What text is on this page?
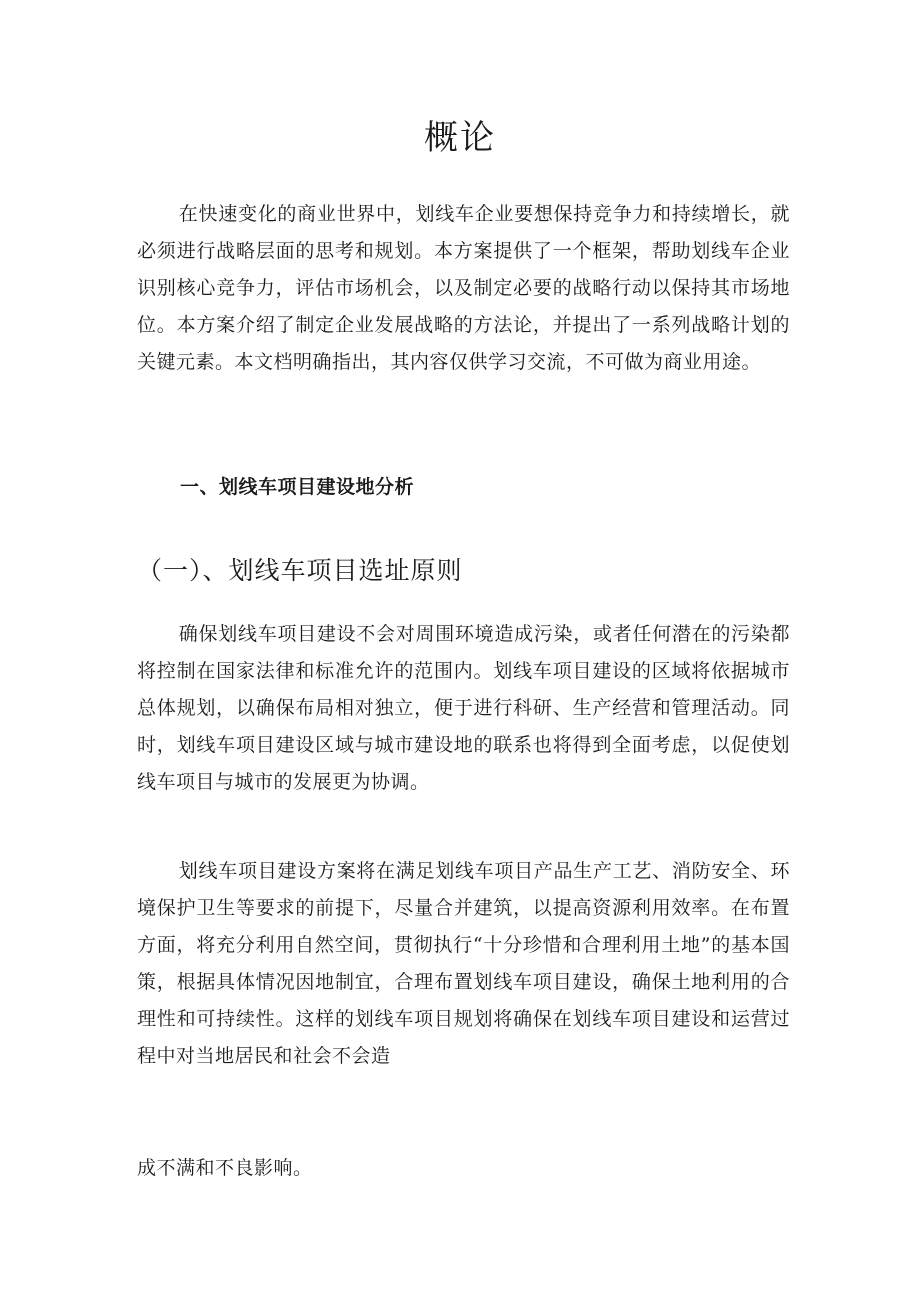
概论

在快速变化的商业世界中，划线车企业要想保持竞争力和持续增长，就必须进行战略层面的思考和规划。本方案提供了一个框架，帮助划线车企业识别核心竞争力，评估市场机会，以及制定必要的战略行动以保持其市场地位。本方案介绍了制定企业发展战略的方法论，并提出了一系列战略计划的关键元素。本文档明确指出，其内容仅供学习交流，不可做为商业用途。

一、划线车项目建设地分析
（一）、划线车项目选址原则

确保划线车项目建设不会对周围环境造成污染，或者任何潜在的污染都将控制在国家法律和标准允许的范围内。划线车项目建设的区域将依据城市总体规划，以确保布局相对独立，便于进行科研、生产经营和管理活动。同时，划线车项目建设区域与城市建设地的联系也将得到全面考虑，以促使划线车项目与城市的发展更为协调。

划线车项目建设方案将在满足划线车项目产品生产工艺、消防安全、环境保护卫生等要求的前提下，尽量合并建筑，以提高资源利用效率。在布置方面，将充分利用自然空间，贯彻执行“十分珍惜和合理利用土地”的基本国策，根据具体情况因地制宜，合理布置划线车项目建设，确保土地利用的合理性和可持续性。这样的划线车项目规划将确保在划线车项目建设和运营过程中对当地居民和社会不会造

成不满和不良影响。
